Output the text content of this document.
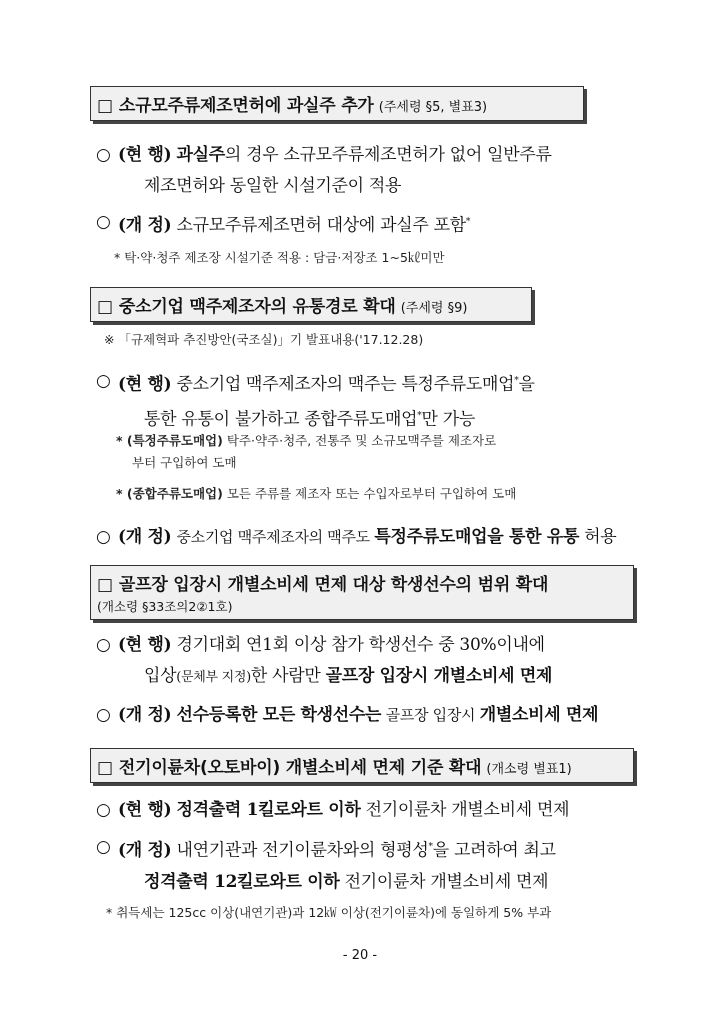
□ 소규모주류제조면허에 과실주 추가 (주세령 §5, 별표3)
○ (현 행) 과실주의 경우 소규모주류제조면허가 없어 일반주류
제조면허와 동일한 시설기준이 적용
○ (개 정) 소규모주류제조면허 대상에 과실주 포함*
* 탁·약·청주 제조장 시설기준 적용 : 담금·저장조 1~5㎘미만
□ 중소기업 맥주제조자의 유통경로 확대 (주세령 §9)
※ 「규제혁파 추진방안(국조실)」기 발표내용('17.12.28)
○ (현 행) 중소기업 맥주제조자의 맥주는 특정주류도매업*을
통한 유통이 불가하고 종합주류도매업*만 가능
* (특정주류도매업) 탁주·약주·청주, 전통주 및 소규모맥주를 제조자로
부터 구입하여 도매
* (종합주류도매업) 모든 주류를 제조자 또는 수입자로부터 구입하여 도매
○ (개 정) 중소기업 맥주제조자의 맥주도 특정주류도매업을 통한 유통 허용
□ 골프장 입장시 개별소비세 면제 대상 학생선수의 범위 확대
(개소령 §33조의2②1호)
○ (현 행) 경기대회 연1회 이상 참가 학생선수 중 30%이내에
입상(문체부 지정)한 사람만 골프장 입장시 개별소비세 면제
○ (개 정) 선수등록한 모든 학생선수는 골프장 입장시 개별소비세 면제
□ 전기이륜차(오토바이) 개별소비세 면제 기준 확대 (개소령 별표1)
○ (현 행) 정격출력 1킬로와트 이하 전기이륜차 개별소비세 면제
○ (개 정) 내연기관과 전기이륜차와의 형평성*을 고려하여 최고
정격출력 12킬로와트 이하 전기이륜차 개별소비세 면제
* 취득세는 125cc 이상(내연기관)과 12㎾ 이상(전기이륜차)에 동일하게 5% 부과
- 20 -
